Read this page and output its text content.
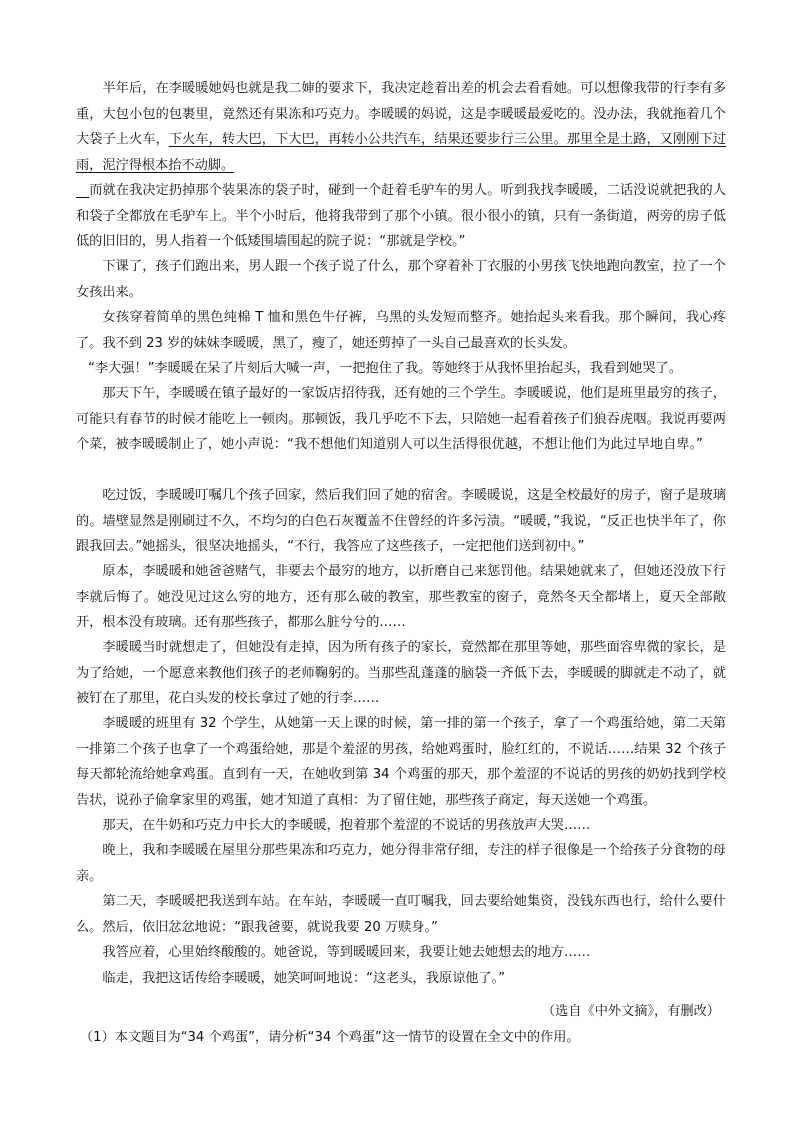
半年后，在李暖暖她妈也就是我二婶的要求下，我决定趁着出差的机会去看看她。可以想像我带的行李有多重，大包小包的包裹里，竟然还有果冻和巧克力。李暖暖的妈说，这是李暖暖最爱吃的。没办法，我就拖着几个大袋子上火车，下火车，转大巴，下大巴，再转小公共汽车，结果还要步行三公里。那里全是土路，又刚刚下过雨，泥泞得根本抬不动脚。

　而就在我决定扔掉那个装果冻的袋子时，碰到一个赶着毛驴车的男人。听到我找李暖暖，二话没说就把我的人和袋子全都放在毛驴车上。半个小时后，他将我带到了那个小镇。很小很小的镇，只有一条街道，两旁的房子低低的旧旧的，男人指着一个低矮围墙围起的院子说：“那就是学校。”

下课了，孩子们跑出来，男人跟一个孩子说了什么，那个穿着补丁衣服的小男孩飞快地跑向教室，拉了一个女孩出来。

女孩穿着简单的黑色纯棉 T 恤和黑色牛仔裤，乌黑的头发短而整齐。她抬起头来看我。那个瞬间，我心疼了。我不到 23 岁的妹妹李暖暖，黑了，瘦了，她还剪掉了一头自己最喜欢的长头发。

“李大强！”李暖暖在呆了片刻后大喊一声，一把抱住了我。等她终于从我怀里抬起头，我看到她哭了。

那天下午，李暖暖在镇子最好的一家饭店招待我，还有她的三个学生。李暖暖说，他们是班里最穷的孩子，可能只有春节的时候才能吃上一顿肉。那顿饭，我几乎吃不下去，只陪她一起看着孩子们狼吞虎咽。我说再要两个菜，被李暖暖制止了，她小声说：“我不想他们知道别人可以生活得很优越，不想让他们为此过早地自卑。”

吃过饭，李暖暖叮嘱几个孩子回家，然后我们回了她的宿舍。李暖暖说，这是全校最好的房子，窗子是玻璃的。墙壁显然是刚刷过不久，不均匀的白色石灰覆盖不住曾经的许多污渍。“暖暖，”我说，“反正也快半年了，你跟我回去。”她摇头，很坚决地摇头，“不行，我答应了这些孩子，一定把他们送到初中。”

原本，李暖暖和她爸爸赌气，非要去个最穷的地方，以折磨自己来惩罚他。结果她就来了，但她还没放下行李就后悔了。她没见过这么穷的地方，还有那么破的教室，那些教室的窗子，竟然冬天全都堵上，夏天全部敞开，根本没有玻璃。还有那些孩子，都那么脏兮兮的……

李暖暖当时就想走了，但她没有走掉，因为所有孩子的家长，竟然都在那里等她，那些面容卑微的家长，是为了给她，一个愿意来教他们孩子的老师鞠躬的。当那些乱蓬蓬的脑袋一齐低下去，李暖暖的脚就走不动了，就被钉在了那里，花白头发的校长拿过了她的行李……

李暖暖的班里有 32 个学生，从她第一天上课的时候，第一排的第一个孩子，拿了一个鸡蛋给她，第二天第一排第二个孩子也拿了一个鸡蛋给她，那是个羞涩的男孩，给她鸡蛋时，脸红红的，不说话……结果 32 个孩子每天都轮流给她拿鸡蛋。直到有一天，在她收到第 34 个鸡蛋的那天，那个羞涩的不说话的男孩的奶奶找到学校告状，说孙子偷拿家里的鸡蛋，她才知道了真相：为了留住她，那些孩子商定，每天送她一个鸡蛋。

那天，在牛奶和巧克力中长大的李暖暖，抱着那个羞涩的不说话的男孩放声大哭……

晚上，我和李暖暖在屋里分那些果冻和巧克力，她分得非常仔细，专注的样子很像是一个给孩子分食物的母亲。

第二天，李暖暖把我送到车站。在车站，李暖暖一直叮嘱我，回去要给她集资，没钱东西也行，给什么要什么。然后，依旧忿忿地说：“跟我爸要，就说我要 20 万赎身。”

我答应着，心里始终酸酸的。她爸说，等到暖暖回来，我要让她去她想去的地方……

临走，我把这话传给李暖暖，她笑呵呵地说：“这老头，我原谅他了。”

（选自《中外文摘》，有删改）

（1）本文题目为“34 个鸡蛋”，请分析“34 个鸡蛋”这一情节的设置在全文中的作用。
